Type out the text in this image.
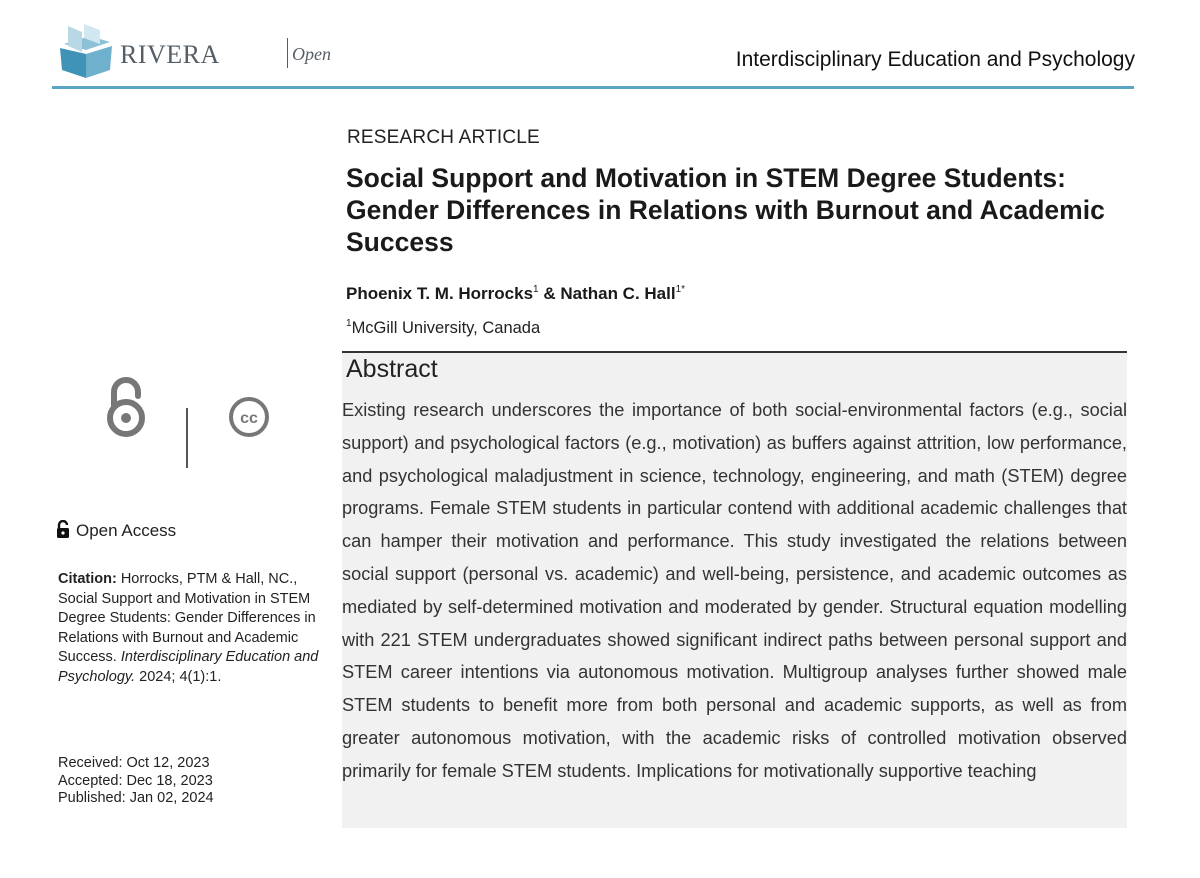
RIVERA	Open	Interdisciplinary Education and Psychology
cc
Open Access
Citation: Horrocks, PTM & Hall, NC., Social Support and Motivation in STEM Degree Students: Gender Differences in Relations with Burnout and Academic Success. Interdisciplinary Education and Psychology. 2024; 4(1):1.
Received: Oct 12, 2023
Accepted: Dec 18, 2023
Published: Jan 02, 2024
RESEARCH ARTICLE
Social Support and Motivation in STEM Degree Students: Gender Differences in Relations with Burnout and Academic Success
Phoenix T. M. Horrocks$^1$ & Nathan C. Hall$^{1*}$
$^1$McGill University, Canada
Abstract

Existing research underscores the importance of both social-environmental factors (e.g., social support) and psychological factors (e.g., motivation) as buffers against attrition, low performance, and psychological maladjustment in science, technology, engineering, and math (STEM) degree programs. Female STEM students in particular contend with additional academic challenges that can hamper their motivation and performance. This study investigated the relations between social support (personal vs. academic) and well-being, persistence, and academic outcomes as mediated by self-determined motivation and moderated by gender. Structural equation modelling with 221 STEM undergraduates showed significant indirect paths between personal support and STEM career intentions via autonomous motivation. Multigroup analyses further showed male STEM students to benefit more from both personal and academic supports, as well as from greater autonomous motivation, with the academic risks of controlled motivation observed primarily for female STEM students. Implications for motivationally supportive teaching
